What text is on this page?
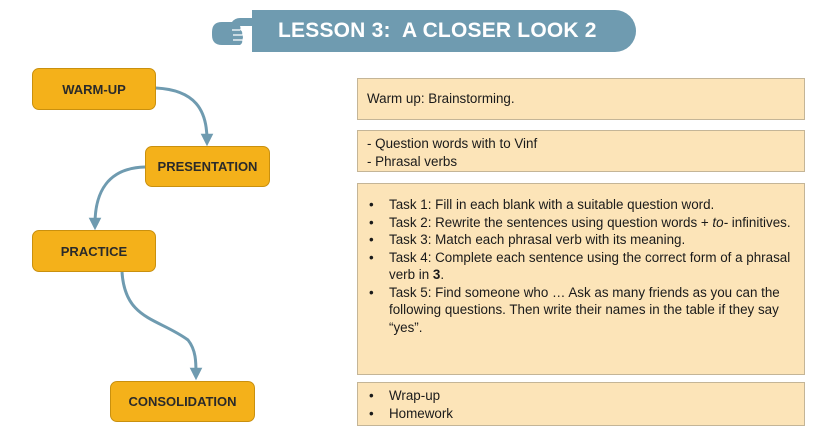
LESSON 3:  A CLOSER LOOK 2
WARM-UP
PRESENTATION
PRACTICE
CONSOLIDATION
Warm up: Brainstorming.
- Question words with to Vinf
- Phrasal verbs
• Task 1: Fill in each blank with a suitable question word.
• Task 2: Rewrite the sentences using question words + to- infinitives.
• Task 3: Match each phrasal verb with its meaning.
• Task 4: Complete each sentence using the correct form of a phrasal verb in 3.
• Task 5: Find someone who … Ask as many friends as you can the following questions. Then write their names in the table if they say “yes”.
• Wrap-up
• Homework
